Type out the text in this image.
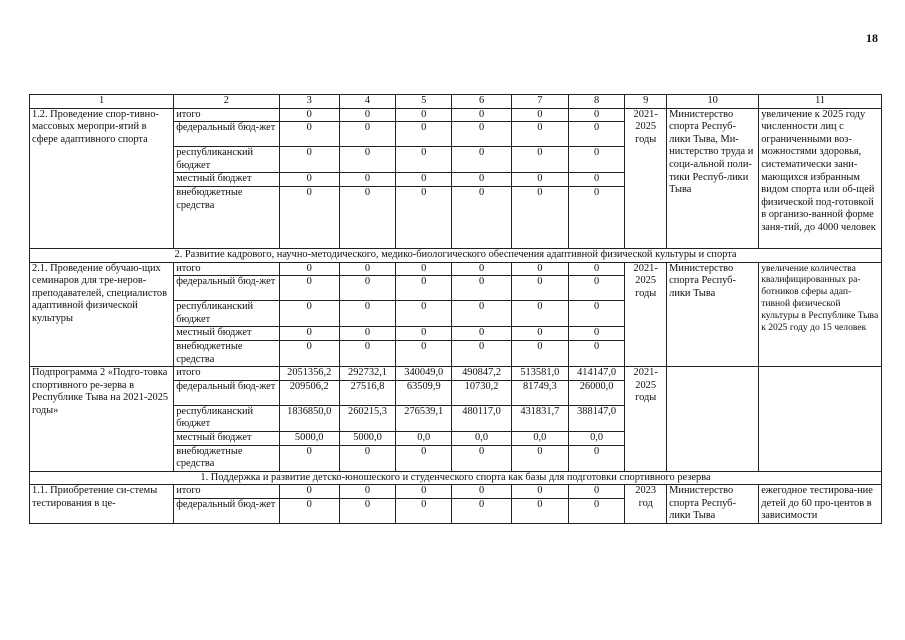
18
1	2	3	4	5	6	7	8	9	10	11
1.2. Проведение спор-тивно-массовых меропри-ятий в сфере адаптивного спорта	итого	0	0	0	0	0	0	2021-2025 годы	Министерство спорта Респуб-лики Тыва, Ми-нистерство труда и соци-альной поли-тики Респуб-лики Тыва	увеличение к 2025 году численности лиц с ограниченными воз-можностями здоровья, систематически зани-мающихся избранным видом спорта или об-щей физической под-готовкой в организо-ванной форме заня-тий, до 4000 человек
	федеральный бюд-жет	0	0	0	0	0	0			
	республиканский бюджет	0	0	0	0	0	0			
	местный бюджет	0	0	0	0	0	0			
	внебюджетные средства	0	0	0	0	0	0			
2. Развитие кадрового, научно-методического, медико-биологического обеспечения адаптивной физической культуры и спорта										
2.1. Проведение обучаю-щих семинаров для тре-неров-преподавателей, специалистов адаптивной физической культуры	итого	0	0	0	0	0	0	2021-2025 годы	Министерство спорта Респуб-лики Тыва	увеличение количества квалифицированных ра-ботников сферы адап-тивной физической культуры в Республике Тыва к 2025 году до 15 человек
	федеральный бюд-жет	0	0	0	0	0	0			
	республиканский бюджет	0	0	0	0	0	0			
	местный бюджет	0	0	0	0	0	0			
	внебюджетные средства	0	0	0	0	0	0			
Подпрограмма 2 «Подго-товка спортивного ре-зерва в Республике Тыва на 2021-2025 годы»	итого	2051356,2	292732,1	340049,0	490847,2	513581,0	414147,0	2021-2025 годы		
	федеральный бюд-жет	209506,2	27516,8	63509,9	10730,2	81749,3	26000,0			
	республиканский бюджет	1836850,0	260215,3	276539,1	480117,0	431831,7	388147,0			
	местный бюджет	5000,0	5000,0	0,0	0,0	0,0	0,0			
	внебюджетные средства	0	0	0	0	0	0			
1. Поддержка и развитие детско-юношеского и студенческого спорта как базы для подготовки спортивного резерва										
1.1. Приобретение си-стемы тестирования в це-	итого	0	0	0	0	0	0	2023 год	Министерство спорта Респуб-лики Тыва	ежегодное тестирова-ние детей до 60 про-центов в зависимости
	федеральный бюд-жет	0	0	0	0	0	0			
